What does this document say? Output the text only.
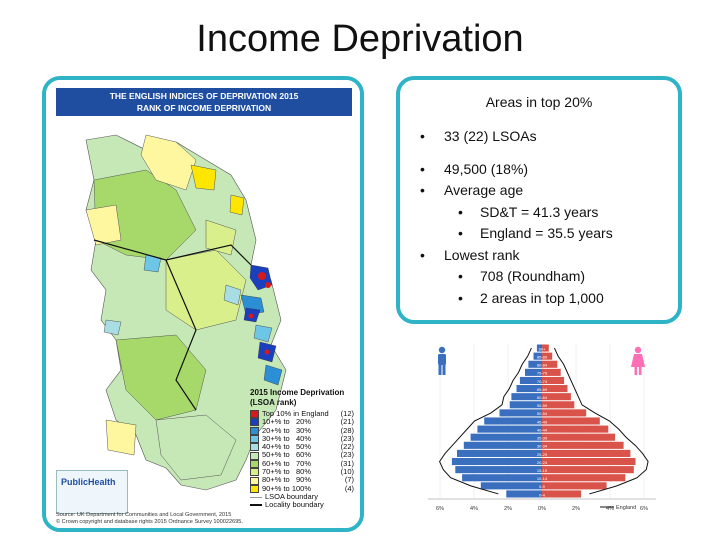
Income Deprivation
THE ENGLISH INDICES OF DEPRIVATION 2015
RANK OF INCOME DEPRIVATION
2015 Income Deprivation
(LSOA rank)
Top 10% in England (12)
10+% to   20%	(21)
20+% to   30%	(28)
30+% to   40%	(23)
40+% to   50%	(22)
50+% to   60%	(23)
60+% to   70%	(31)
70+% to   80%	(10)
80+% to   90%	(7)
90+% to 100%	(4)
LSOA boundary
Locality boundary
PublicHealth
Source: UK Department for Communities and Local Government, 2015
© Crown copyright and database rights 2015 Ordnance Survey 100022695.
Areas in top 20%
•	33 (22) LSOAs
•	49,500 (18%)
•	Average age
•	SD&T = 41.3 years
•	England = 35.5 years
•	Lowest rank
•	708 (Roundham)
•	2 areas in top 1,000
0-4
5-9
10-14
15-19
20-24
25-29
30-34
35-39
40-44
45-49
50-54
55-59
60-64
65-69
70-74
75-79
80-84
85-89
90+
6%	4%	2%	0%	2%	4%	6%
England
